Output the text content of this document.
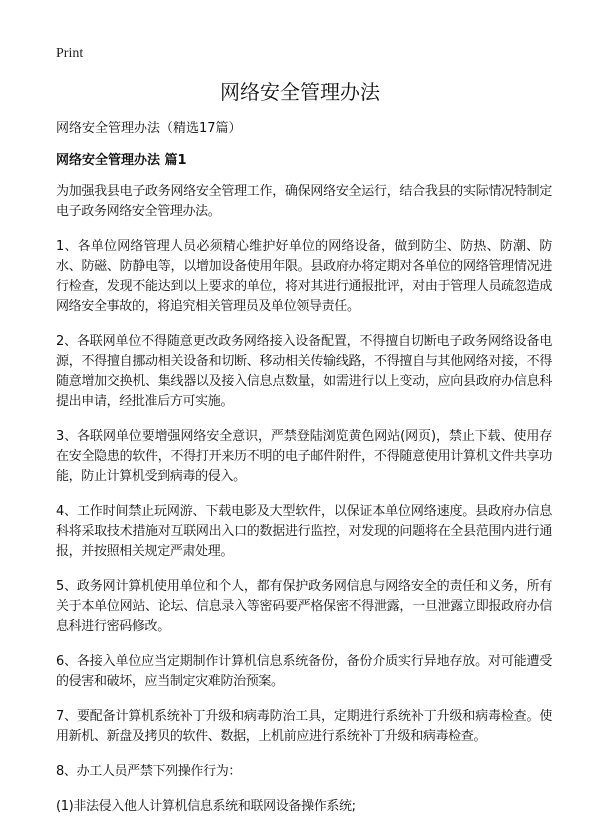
Print
网络安全管理办法

网络安全管理办法（精选17篇）

网络安全管理办法 篇1

为加强我县电子政务网络安全管理工作，确保网络安全运行，结合我县的实际情况特制定电子政务网络安全管理办法。

1、各单位网络管理人员必须精心维护好单位的网络设备，做到防尘、防热、防潮、防水、防磁、防静电等，以增加设备使用年限。县政府办将定期对各单位的网络管理情况进行检查，发现不能达到以上要求的单位，将对其进行通报批评，对由于管理人员疏忽造成网络安全事故的，将追究相关管理员及单位领导责任。

2、各联网单位不得随意更改政务网络接入设备配置，不得擅自切断电子政务网络设备电源，不得擅自挪动相关设备和切断、移动相关传输线路，不得擅自与其他网络对接，不得随意增加交换机、集线器以及接入信息点数量，如需进行以上变动，应向县政府办信息科提出申请，经批准后方可实施。

3、各联网单位要增强网络安全意识，严禁登陆浏览黄色网站(网页)，禁止下载、使用存在安全隐患的软件，不得打开来历不明的电子邮件附件，不得随意使用计算机文件共享功能，防止计算机受到病毒的侵入。

4、工作时间禁止玩网游、下载电影及大型软件，以保证本单位网络速度。县政府办信息科将采取技术措施对互联网出入口的数据进行监控，对发现的问题将在全县范围内进行通报，并按照相关规定严肃处理。

5、政务网计算机使用单位和个人，都有保护政务网信息与网络安全的责任和义务，所有关于本单位网站、论坛、信息录入等密码要严格保密不得泄露，一旦泄露立即报政府办信息科进行密码修改。

6、各接入单位应当定期制作计算机信息系统备份，备份介质实行异地存放。对可能遭受的侵害和破坏，应当制定灾难防治预案。

7、要配备计算机系统补丁升级和病毒防治工具，定期进行系统补丁升级和病毒检查。使用新机、新盘及拷贝的软件、数据，上机前应进行系统补丁升级和病毒检查。

8、办工人员严禁下列操作行为：

(1)非法侵入他人计算机信息系统和联网设备操作系统;
